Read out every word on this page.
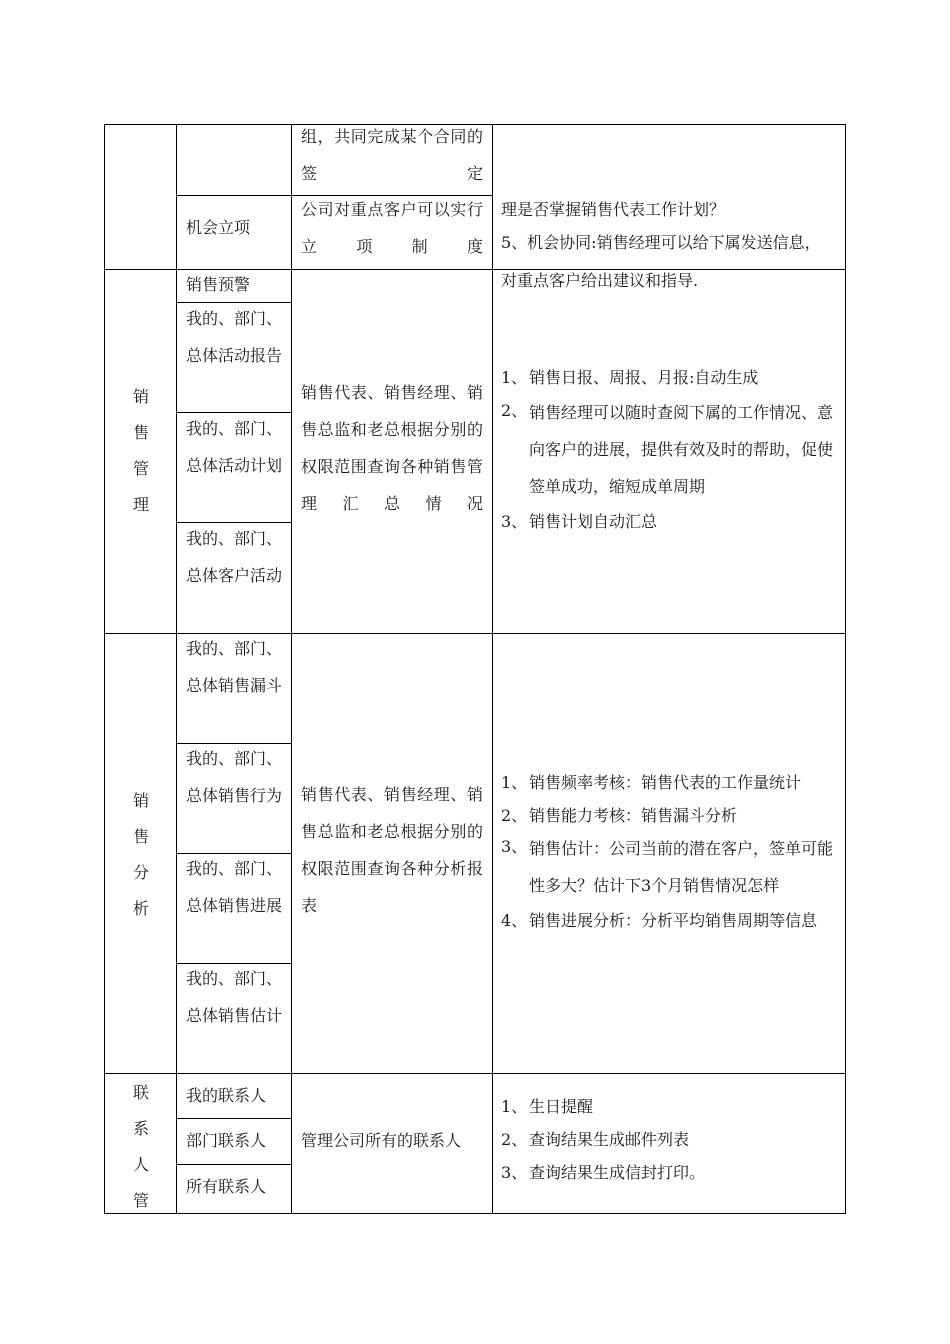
组，共同完成某个合同的签定
机会立项
公司对重点客户可以实行立项制度
理是否掌握销售代表工作计划？
5、机会协同:销售经理可以给下属发送信息，
销
售
管
理
销售预警
我的、部门、总体活动报告
我的、部门、总体活动计划
我的、部门、总体客户活动
销售代表、销售经理、销售总监和老总根据分别的权限范围查询各种销售管理汇总情况
对重点客户给出建议和指导.
1、 销售日报、周报、月报:自动生成
2、 销售经理可以随时查阅下属的工作情况、意向客户的进展，提供有效及时的帮助，促使签单成功，缩短成单周期
3、 销售计划自动汇总
销
售
分
析
我的、部门、总体销售漏斗
我的、部门、总体销售行为
我的、部门、总体销售进展
我的、部门、总体销售估计
销售代表、销售经理、销售总监和老总根据分别的权限范围查询各种分析报表
1、 销售频率考核：销售代表的工作量统计
2、 销售能力考核：销售漏斗分析
3、 销售估计：公司当前的潜在客户，签单可能性多大？估计下3个月销售情况怎样
4、 销售进展分析：分析平均销售周期等信息
联
系
人
管
我的联系人
部门联系人
所有联系人
管理公司所有的联系人
1、 生日提醒
2、 查询结果生成邮件列表
3、 查询结果生成信封打印。
